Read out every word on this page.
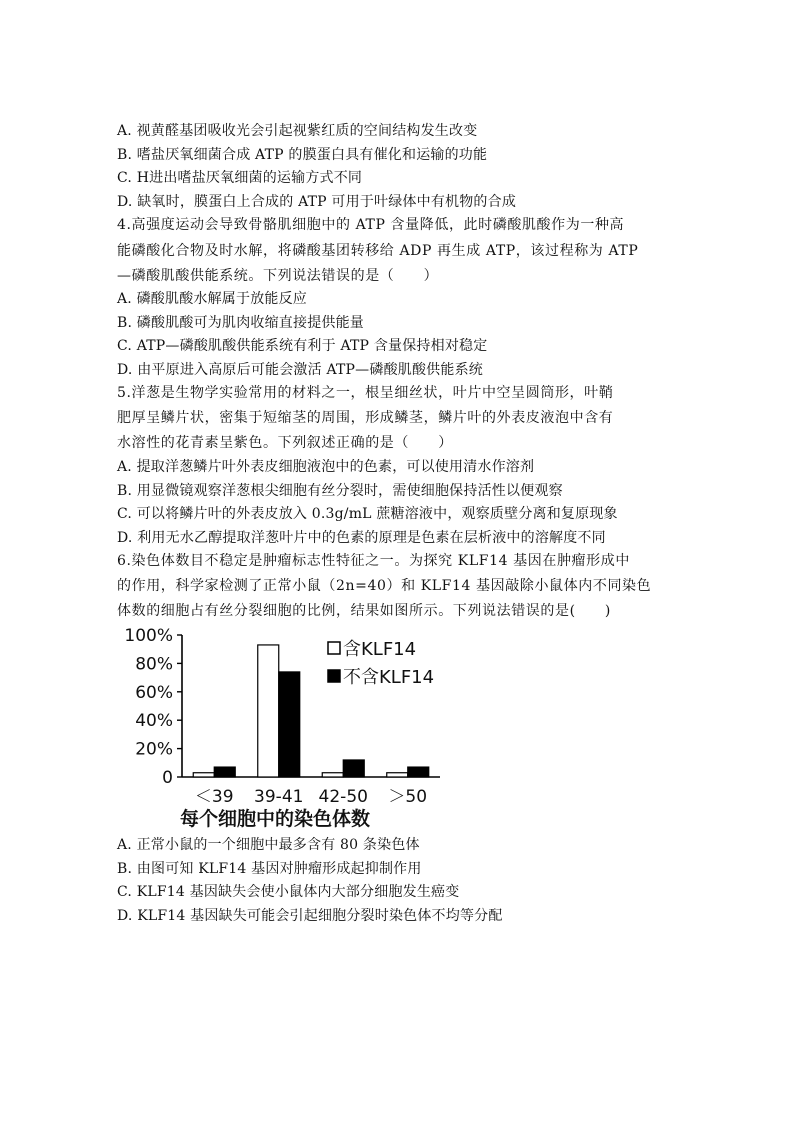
A. 视黄醛基团吸收光会引起视紫红质的空间结构发生改变
B. 嗜盐厌氧细菌合成 ATP 的膜蛋白具有催化和运输的功能
C. H进出嗜盐厌氧细菌的运输方式不同
D. 缺氧时，膜蛋白上合成的 ATP 可用于叶绿体中有机物的合成
4.高强度运动会导致骨骼肌细胞中的 ATP 含量降低，此时磷酸肌酸作为一种高
能磷酸化合物及时水解，将磷酸基团转移给 ADP 再生成 ATP，该过程称为 ATP
—磷酸肌酸供能系统。下列说法错误的是（　　）
A. 磷酸肌酸水解属于放能反应
B. 磷酸肌酸可为肌肉收缩直接提供能量
C. ATP—磷酸肌酸供能系统有利于 ATP 含量保持相对稳定
D. 由平原进入高原后可能会激活 ATP—磷酸肌酸供能系统
5.洋葱是生物学实验常用的材料之一，根呈细丝状，叶片中空呈圆筒形，叶鞘
肥厚呈鳞片状，密集于短缩茎的周围，形成鳞茎，鳞片叶的外表皮液泡中含有
水溶性的花青素呈紫色。下列叙述正确的是（　　）
A. 提取洋葱鳞片叶外表皮细胞液泡中的色素，可以使用清水作溶剂
B. 用显微镜观察洋葱根尖细胞有丝分裂时，需使细胞保持活性以便观察
C. 可以将鳞片叶的外表皮放入 0.3g/mL 蔗糖溶液中，观察质壁分离和复原现象
D. 利用无水乙醇提取洋葱叶片中的色素的原理是色素在层析液中的溶解度不同
6.染色体数目不稳定是肿瘤标志性特征之一。为探究 KLF14 基因在肿瘤形成中
的作用，科学家检测了正常小鼠（2n=40）和 KLF14 基因敲除小鼠体内不同染色
体数的细胞占有丝分裂细胞的比例，结果如图所示。下列说法错误的是(　　)
0
20%
40%
60%
80%
100%
＜39 39-41 42-50 ＞50
每个细胞中的染色体数
含KLF14
不含KLF14
A. 正常小鼠的一个细胞中最多含有 80 条染色体
B. 由图可知 KLF14 基因对肿瘤形成起抑制作用
C. KLF14 基因缺失会使小鼠体内大部分细胞发生癌变
D. KLF14 基因缺失可能会引起细胞分裂时染色体不均等分配
